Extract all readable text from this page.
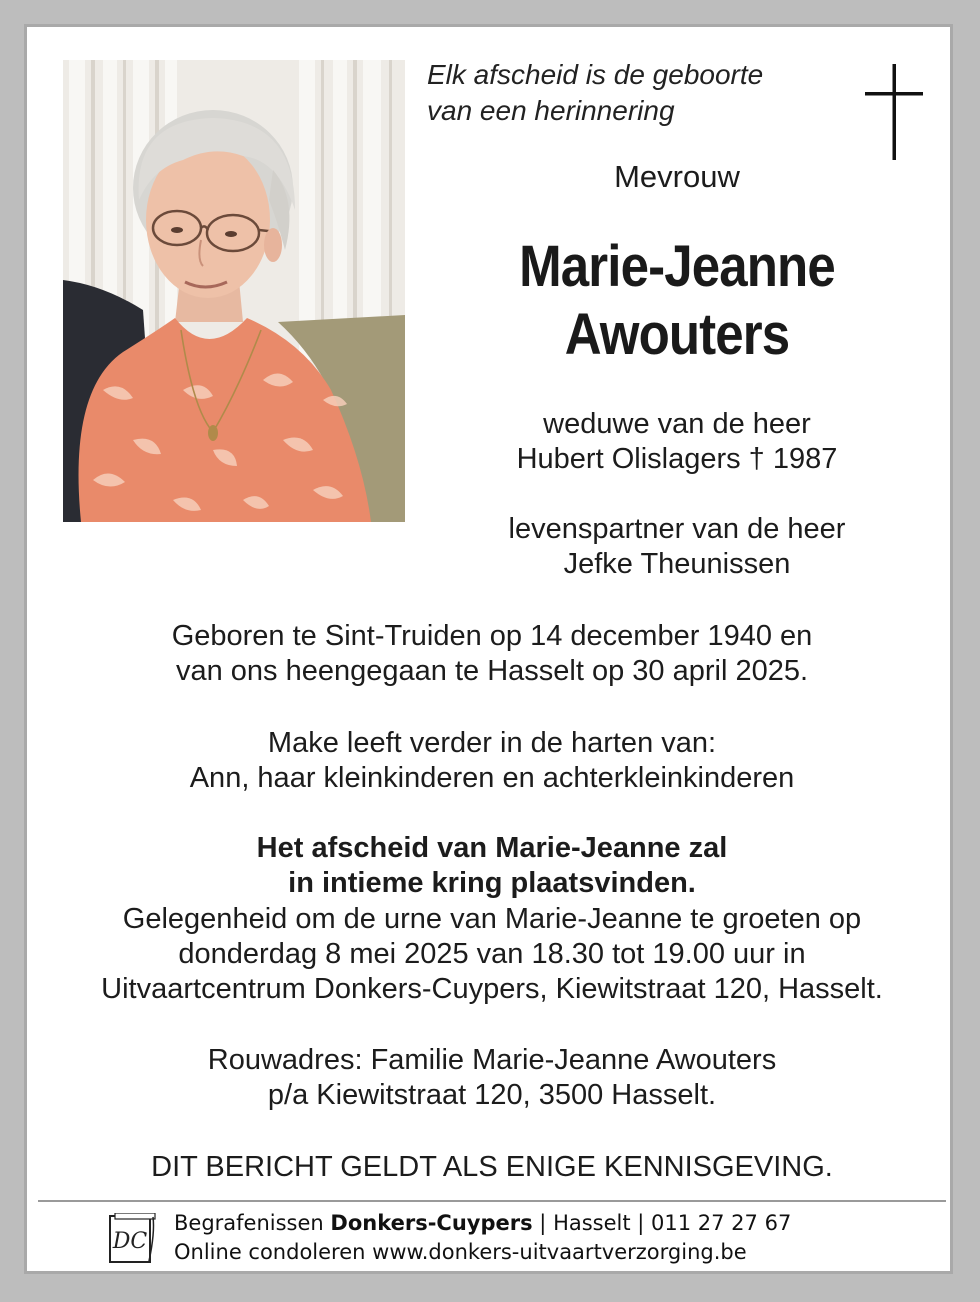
Elk afscheid is de geboorte
van een herinnering
Mevrouw
Marie-Jeanne
Awouters
weduwe van de heer
Hubert Olislagers † 1987
levenspartner van de heer
Jefke Theunissen
Geboren te Sint-Truiden op 14 december 1940 en
van ons heengegaan te Hasselt op 30 april 2025.
Make leeft verder in de harten van:
Ann, haar kleinkinderen en achterkleinkinderen
Het afscheid van Marie-Jeanne zal
in intieme kring plaatsvinden.
Gelegenheid om de urne van Marie-Jeanne te groeten op
donderdag 8 mei 2025 van 18.30 tot 19.00 uur in
Uitvaartcentrum Donkers-Cuypers, Kiewitstraat 120, Hasselt.
Rouwadres: Familie Marie-Jeanne Awouters
p/a Kiewitstraat 120, 3500 Hasselt.
DIT BERICHT GELDT ALS ENIGE KENNISGEVING.
DC
Begrafenissen Donkers-Cuypers | Hasselt | 011 27 27 67
Online condoleren www.donkers-uitvaartverzorging.be
